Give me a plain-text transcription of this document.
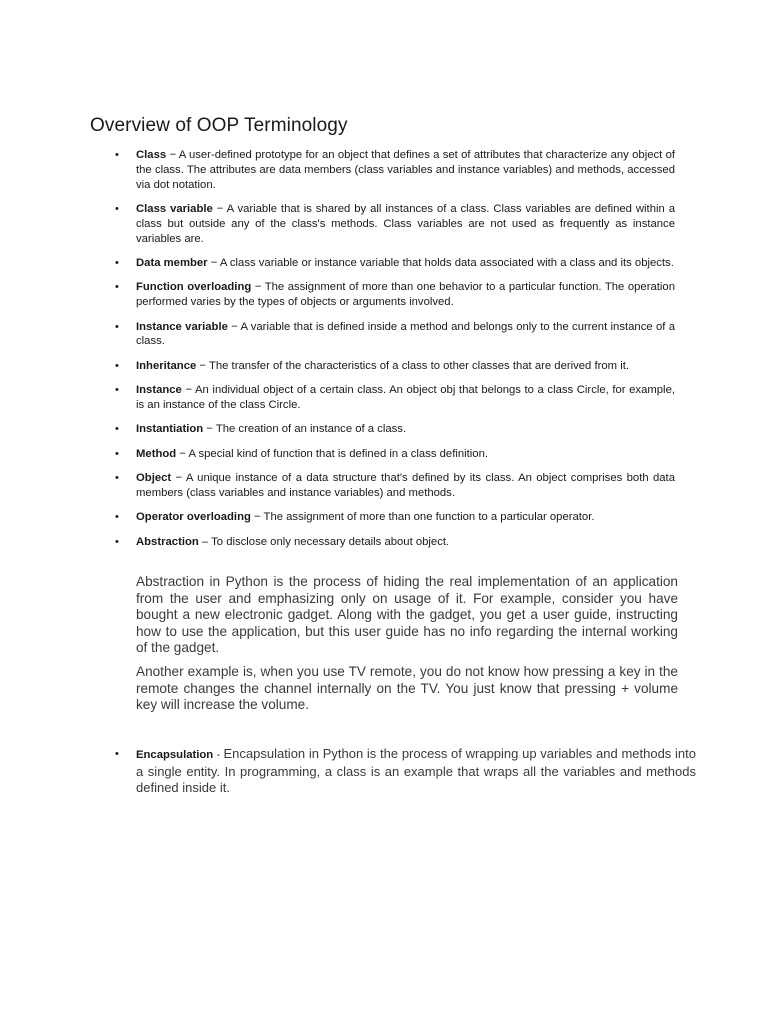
Overview of OOP Terminology
• Class − A user-defined prototype for an object that defines a set of attributes that characterize any object of the class. The attributes are data members (class variables and instance variables) and methods, accessed via dot notation.
• Class variable − A variable that is shared by all instances of a class. Class variables are defined within a class but outside any of the class's methods. Class variables are not used as frequently as instance variables are.
• Data member − A class variable or instance variable that holds data associated with a class and its objects.
• Function overloading − The assignment of more than one behavior to a particular function. The operation performed varies by the types of objects or arguments involved.
• Instance variable − A variable that is defined inside a method and belongs only to the current instance of a class.
• Inheritance − The transfer of the characteristics of a class to other classes that are derived from it.
• Instance − An individual object of a certain class. An object obj that belongs to a class Circle, for example, is an instance of the class Circle.
• Instantiation − The creation of an instance of a class.
• Method − A special kind of function that is defined in a class definition.
• Object − A unique instance of a data structure that's defined by its class. An object comprises both data members (class variables and instance variables) and methods.
• Operator overloading − The assignment of more than one function to a particular operator.
• Abstraction – To disclose only necessary details about object.

Abstraction in Python is the process of hiding the real implementation of an application from the user and emphasizing only on usage of it. For example, consider you have bought a new electronic gadget. Along with the gadget, you get a user guide, instructing how to use the application, but this user guide has no info regarding the internal working of the gadget.

Another example is, when you use TV remote, you do not know how pressing a key in the remote changes the channel internally on the TV. You just know that pressing + volume key will increase the volume.

• Encapsulation - Encapsulation in Python is the process of wrapping up variables and methods into a single entity. In programming, a class is an example that wraps all the variables and methods defined inside it.
